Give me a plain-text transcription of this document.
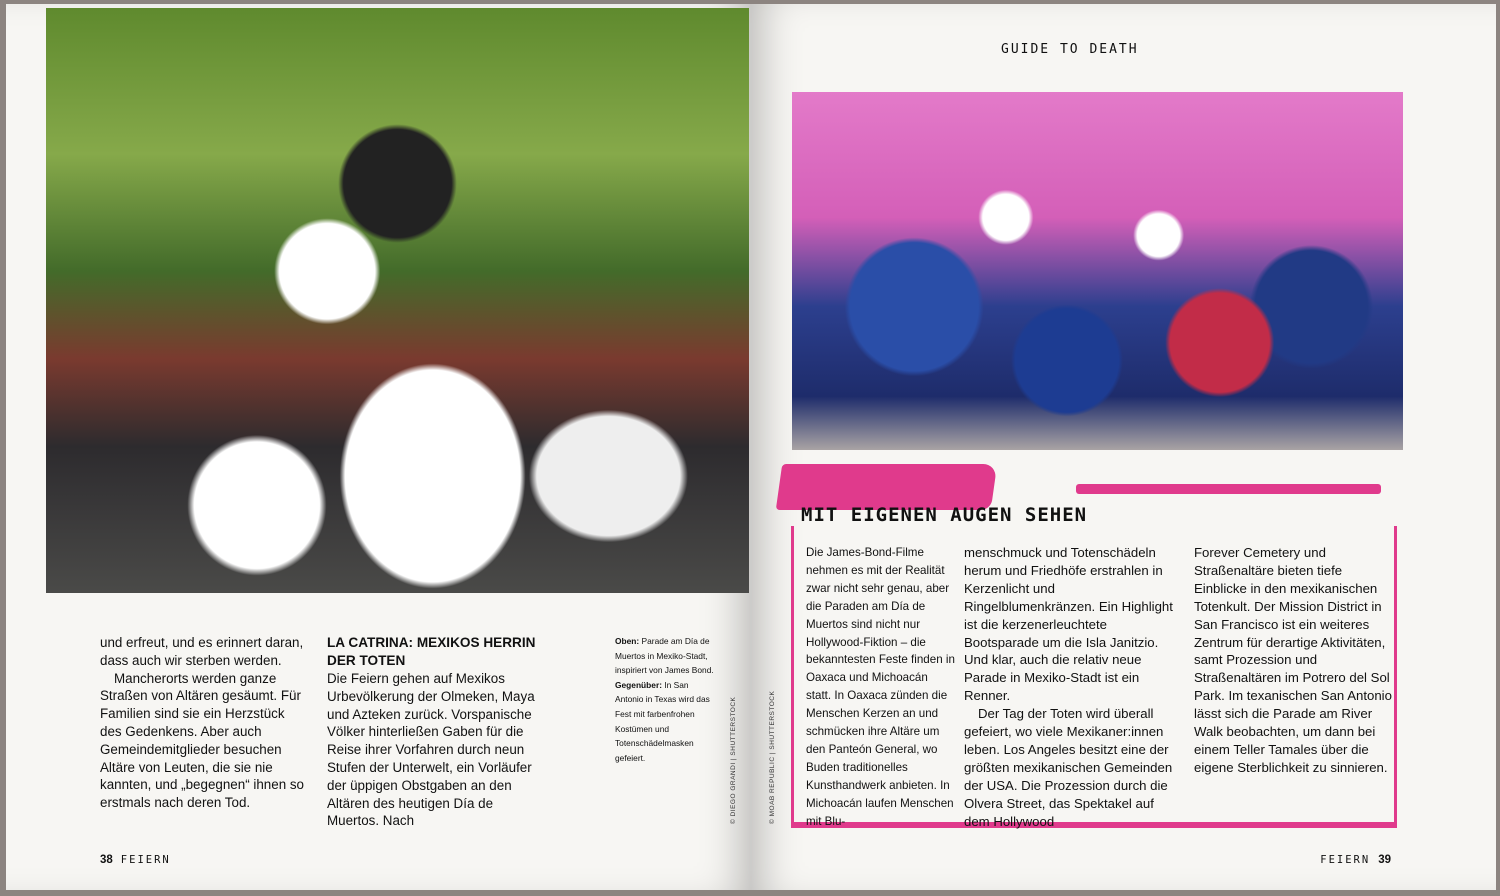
und erfreut, und es erinnert daran, dass auch wir sterben werden.

Mancherorts werden ganze Straßen von Altären gesäumt. Für Familien sind sie ein Herzstück des Gedenkens. Aber auch Gemeindemitglieder besuchen Altäre von Leuten, die sie nie kannten, und „begegnen“ ihnen so erstmals nach deren Tod.

LA CATRINA: MEXIKOS HERRIN DER TOTEN

Die Feiern gehen auf Mexikos Urbevölkerung der Olmeken, Maya und Azteken zurück. Vorspanische Völker hinterließen Gaben für die Reise ihrer Vorfahren durch neun Stufen der Unterwelt, ein Vorläufer der üppigen Obstgaben an den Altären des heutigen Día de Muertos. Nach

Oben: Parade am Día de Muertos in Mexiko-Stadt, inspiriert von James Bond. Gegenüber: In San Antonio in Texas wird das Fest mit farbenfrohen Kostümen und Totenschädelmasken gefeiert.	© DIEGO GRANDI | SHUTTERSTOCK
38 FEIERN
GUIDE TO DEATH
© MOAB REPUBLIC | SHUTTERSTOCK
MIT EIGENEN AUGEN SEHEN

Die James-Bond-Filme nehmen es mit der Realität zwar nicht sehr genau, aber die Paraden am Día de Muertos sind nicht nur Hollywood-Fiktion – die bekanntesten Feste finden in Oaxaca und Michoacán statt. In Oaxaca zünden die Menschen Kerzen an und schmücken ihre Altäre um den Panteón General, wo Buden traditionelles Kunsthandwerk anbieten. In Michoacán laufen Menschen mit Blu-

menschmuck und Totenschädeln herum und Friedhöfe erstrahlen in Kerzenlicht und Ringelblumenkränzen. Ein Highlight ist die kerzenerleuchtete Bootsparade um die Isla Janitzio. Und klar, auch die relativ neue Parade in Mexiko-Stadt ist ein Renner.

Der Tag der Toten wird überall gefeiert, wo viele Mexikaner:innen leben. Los Angeles besitzt eine der größten mexikanischen Gemeinden der USA. Die Prozession durch die Olvera Street, das Spektakel auf dem Hollywood

Forever Cemetery und Straßenaltäre bieten tiefe Einblicke in den mexikanischen Totenkult. Der Mission District in San Francisco ist ein weiteres Zentrum für derartige Aktivitäten, samt Prozession und Straßenaltären im Potrero del Sol Park. Im texanischen San Antonio lässt sich die Parade am River Walk beobachten, um dann bei einem Teller Tamales über die eigene Sterblichkeit zu sinnieren.

FEIERN 39
